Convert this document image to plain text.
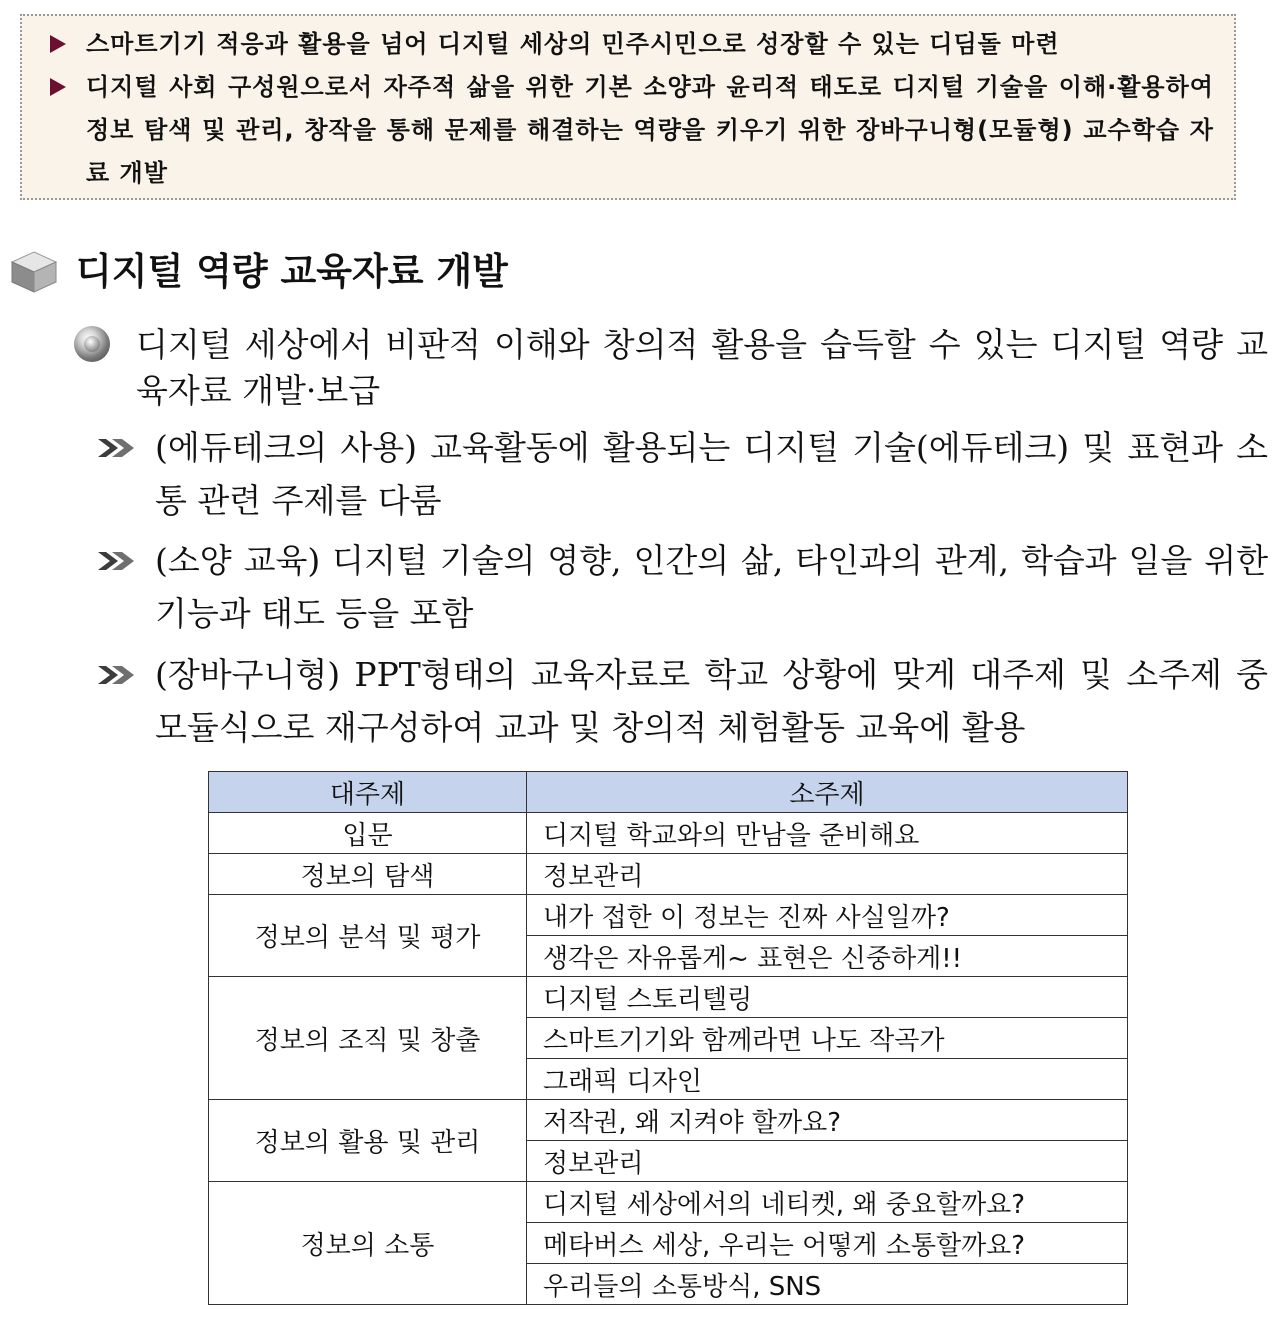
스마트기기 적응과 활용을 넘어 디지털 세상의 민주시민으로 성장할 수 있는 디딤돌 마련
디지털 사회 구성원으로서 자주적 삶을 위한 기본 소양과 윤리적 태도로 디지털 기술을 이해·활용하여 정보 탐색 및 관리, 창작을 통해 문제를 해결하는 역량을 키우기 위한 장바구니형(모듈형) 교수학습 자료 개발
디지털 역량 교육자료 개발
디지털 세상에서 비판적 이해와 창의적 활용을 습득할 수 있는 디지털 역량 교육자료 개발·보급
(에듀테크의 사용) 교육활동에 활용되는 디지털 기술(에듀테크) 및 표현과 소통 관련 주제를 다룸
(소양 교육) 디지털 기술의 영향, 인간의 삶, 타인과의 관계, 학습과 일을 위한 기능과 태도 등을 포함
(장바구니형) PPT형태의 교육자료로 학교 상황에 맞게 대주제 및 소주제 중 모듈식으로 재구성하여 교과 및 창의적 체험활동 교육에 활용
대주제	소주제
입문	디지털 학교와의 만남을 준비해요
정보의 탐색	정보관리
정보의 분석 및 평가	내가 접한 이 정보는 진짜 사실일까?
	생각은 자유롭게~ 표현은 신중하게!!
정보의 조직 및 창출	디지털 스토리텔링
	스마트기기와 함께라면 나도 작곡가
	그래픽 디자인
정보의 활용 및 관리	저작권, 왜 지켜야 할까요?
	정보관리
정보의 소통	디지털 세상에서의 네티켓, 왜 중요할까요?
	메타버스 세상, 우리는 어떻게 소통할까요?
	우리들의 소통방식, SNS
